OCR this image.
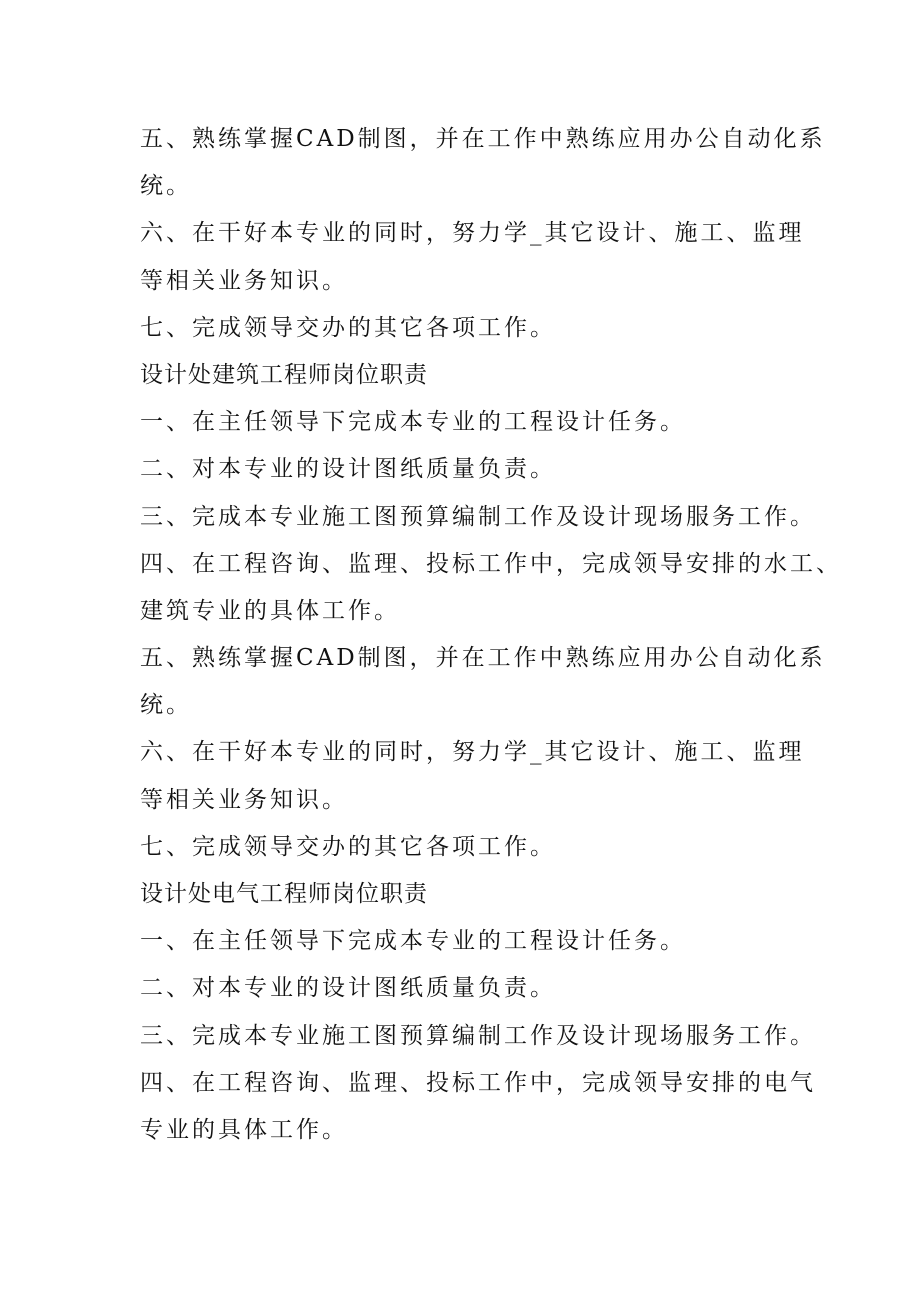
五、熟练掌握CAD制图，并在工作中熟练应用办公自动化系
统。
六、在干好本专业的同时，努力学_其它设计、施工、监理
等相关业务知识。
七、完成领导交办的其它各项工作。
设计处建筑工程师岗位职责
一、在主任领导下完成本专业的工程设计任务。
二、对本专业的设计图纸质量负责。
三、完成本专业施工图预算编制工作及设计现场服务工作。
四、在工程咨询、监理、投标工作中，完成领导安排的水工、
建筑专业的具体工作。
五、熟练掌握CAD制图，并在工作中熟练应用办公自动化系
统。
六、在干好本专业的同时，努力学_其它设计、施工、监理
等相关业务知识。
七、完成领导交办的其它各项工作。
设计处电气工程师岗位职责
一、在主任领导下完成本专业的工程设计任务。
二、对本专业的设计图纸质量负责。
三、完成本专业施工图预算编制工作及设计现场服务工作。
四、在工程咨询、监理、投标工作中，完成领导安排的电气
专业的具体工作。
